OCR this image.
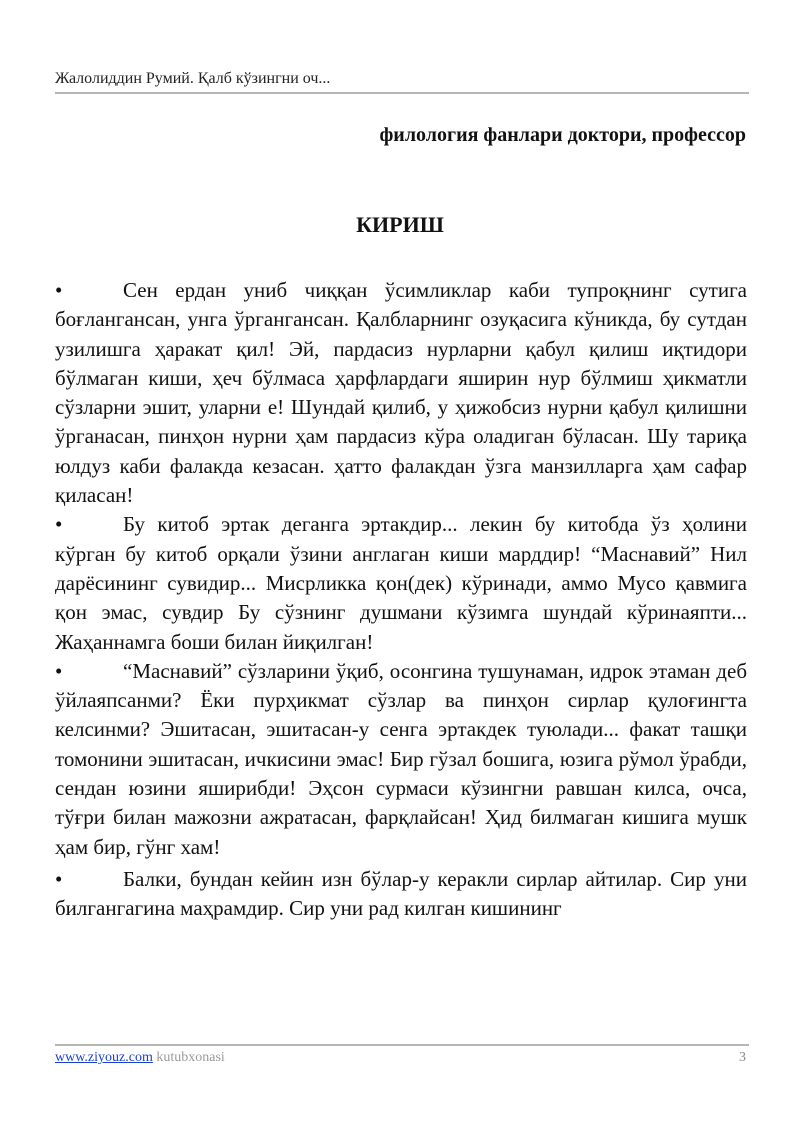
Жалолиддин Румий. Қалб кўзингни оч...
филология фанлари доктори, профессор
КИРИШ

•	Сен ердан униб чиққан ўсимликлар каби тупроқнинг сутига боғлангансан, унга ўргангансан. Қалбларнинг озуқасига кўникда, бу сутдан узилишга ҳаракат қил! Эй, пардасиз нурларни қабул қилиш иқтидори бўлмаган киши, ҳеч бўлмаса ҳарфлардаги яширин нур бўлмиш ҳикматли сўзларни эшит, уларни е! Шундай қилиб, у ҳижобсиз нурни қабул қилишни ўрганасан, пинҳон нурни ҳам пардасиз кўра оладиган бўласан. Шу тариқа юлдуз каби фалакда кезасан. ҳатто фалакдан ўзга манзилларга ҳам сафар қиласан!

•	Бу китоб эртак деганга эртакдир... лекин бу китобда ўз ҳолини кўрган бу китоб орқали ўзини англаган киши марддир! “Маснавий” Нил дарёсининг сувидир... Мисрликка қон(дек) кўринади, аммо Мусо қавмига қон эмас, сувдир Бу сўзнинг душмани кўзимга шундай кўринаяпти... Жаҳаннамга боши билан йиқилган!

•	“Маснавий” сўзларини ўқиб, осонгина тушунаман, идрок этаман деб ўйлаяпсанми? Ёки пурҳикмат сўзлар ва пинҳон сирлар қулоғингта келсинми? Эшитасан, эшитасан-у сенга эртакдек туюлади... факат ташқи томонини эшитасан, ичкисини эмас! Бир гўзал бошига, юзига рўмол ўрабди, сендан юзини яширибди! Эҳсон сурмаси кўзингни равшан килса, очса, тўғри билан мажозни ажратасан, фарқлайсан! Ҳид билмаган кишига мушк ҳам бир, гўнг хам!

•	Балки, бундан кейин изн бўлар-у керакли сирлар айтилар. Сир уни билгангагина маҳрамдир. Сир уни рад килган кишининг

www.ziyouz.com kutubxonasi	3
